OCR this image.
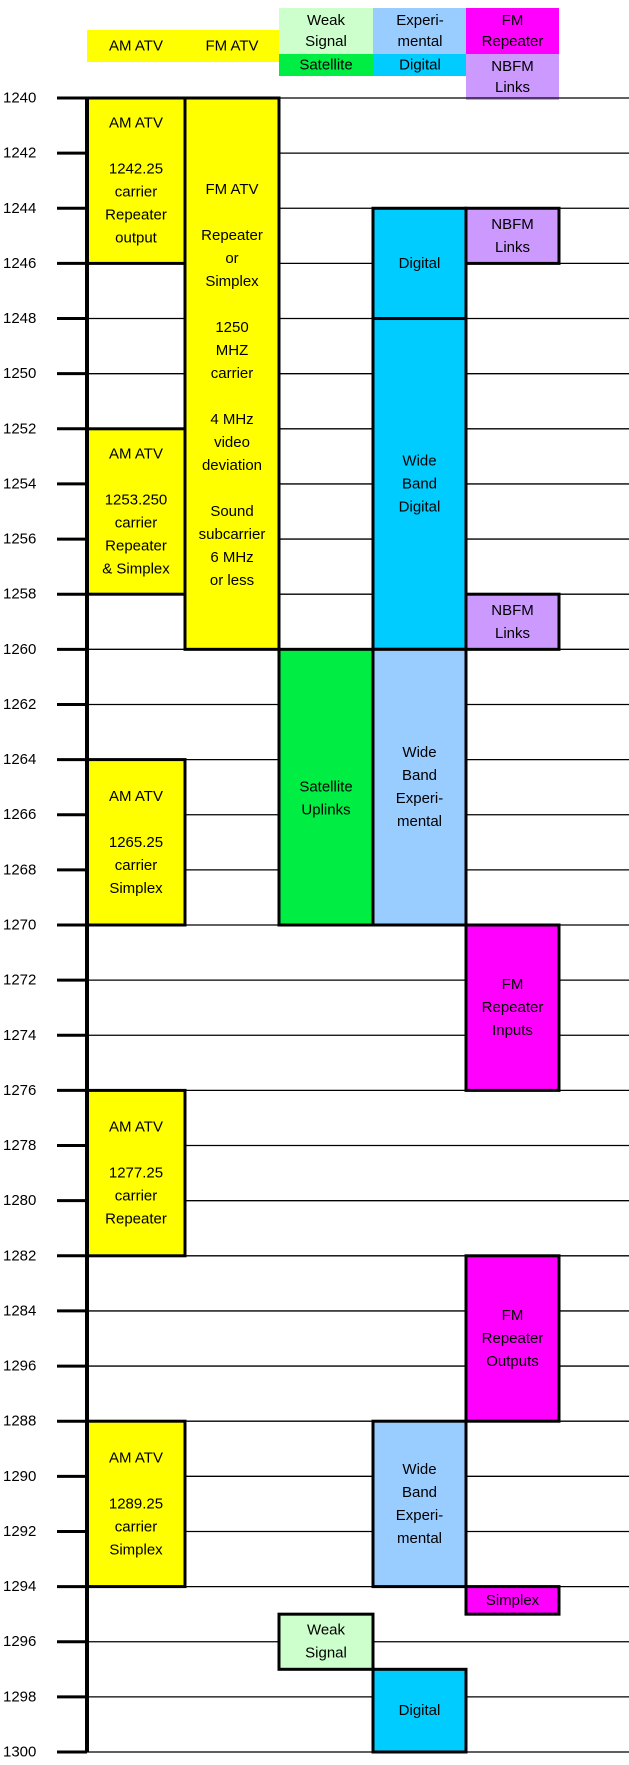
AM ATV	FM ATV
Weak
Signal
Satellite
Experi-
mental
Digital
FM
Repeater
NBFM
Links
AM ATV
1242.25
carrier
Repeater
output
AM ATV
1253.250
carrier
Repeater
& Simplex
AM ATV
1265.25
carrier
Simplex
AM ATV
1277.25
carrier
Repeater
AM ATV
1289.25
carrier
Simplex
FM ATV
Repeater
or
Simplex
1250
MHZ
carrier
4 MHz
video
deviation
Sound
subcarrier
6 MHz
or less
Satellite
Uplinks
Weak
Signal
Digital
Wide
Band
Digital
Wide
Band
Experi-
mental
Wide
Band
Experi-
mental
Digital
NBFM
Links
NBFM
Links
FM
Repeater
Inputs
FM
Repeater
Outputs
Simplex
1240
1242
1244
1246
1248
1250
1252
1254
1256
1258
1260
1262
1264
1266
1268
1270
1272
1274
1276
1278
1280
1282
1284
1296
1288
1290
1292
1294
1296
1298
1300
